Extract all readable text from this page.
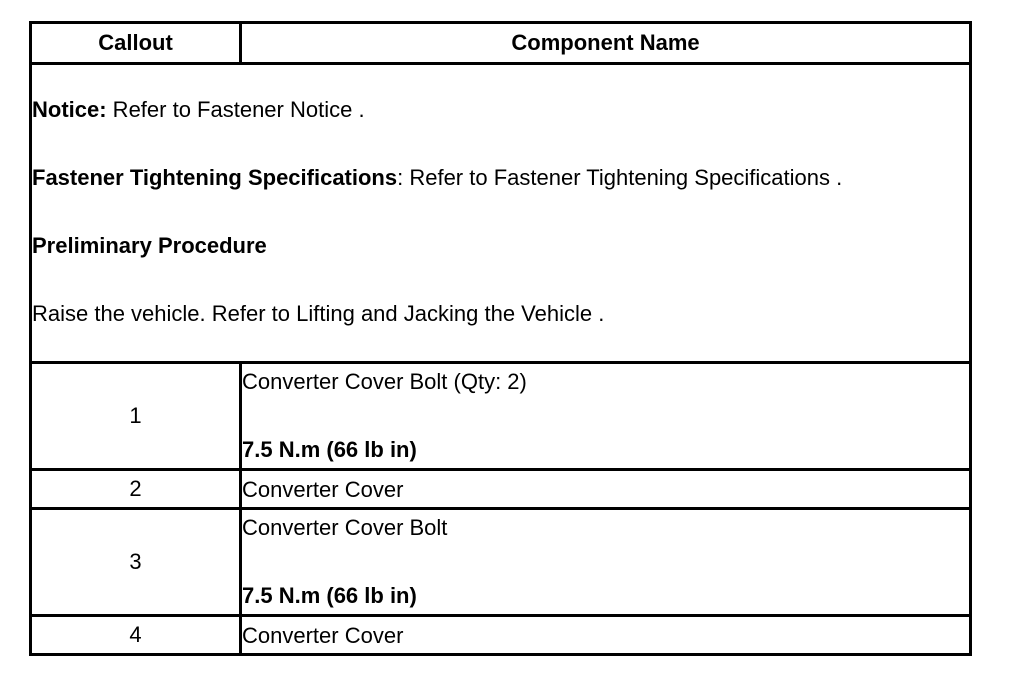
Callout	Component Name

Notice: Refer to Fastener Notice .

Fastener Tightening Specifications: Refer to Fastener Tightening Specifications .

Preliminary Procedure

Raise the vehicle. Refer to Lifting and Jacking the Vehicle .	

1	Converter Cover Bolt (Qty: 2)
7.5 N.m (66 lb in)

2	Converter Cover

3	Converter Cover Bolt
7.5 N.m (66 lb in)

4	Converter Cover
